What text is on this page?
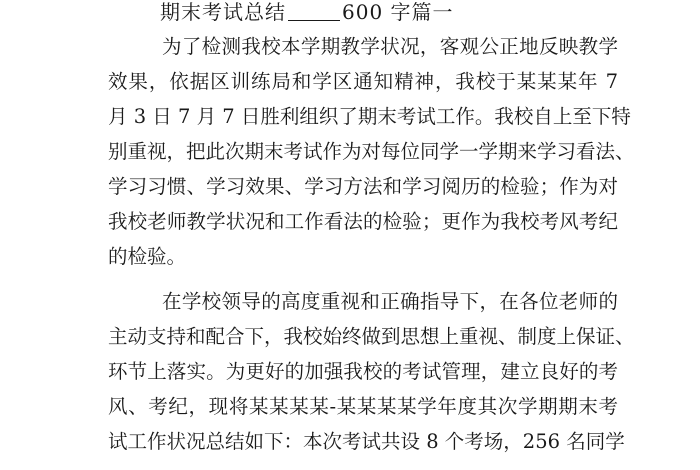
期末考试总结	600 字篇一
为了检测我校本学期教学状况，客观公正地反映教学
效果，依据区训练局和学区通知精神，我校于某某某年 7
月 3 日 7 月 7 日胜利组织了期末考试工作。我校自上至下特
别重视，把此次期末考试作为对每位同学一学期来学习看法、
学习习惯、学习效果、学习方法和学习阅历的检验；作为对
我校老师教学状况和工作看法的检验；更作为我校考风考纪
的检验。
在学校领导的高度重视和正确指导下，在各位老师的
主动支持和配合下，我校始终做到思想上重视、制度上保证、
环节上落实。为更好的加强我校的考试管理，建立良好的考
风、考纪，现将某某某某-某某某某学年度其次学期期末考
试工作状况总结如下：本次考试共设 8 个考场，256 名同学
